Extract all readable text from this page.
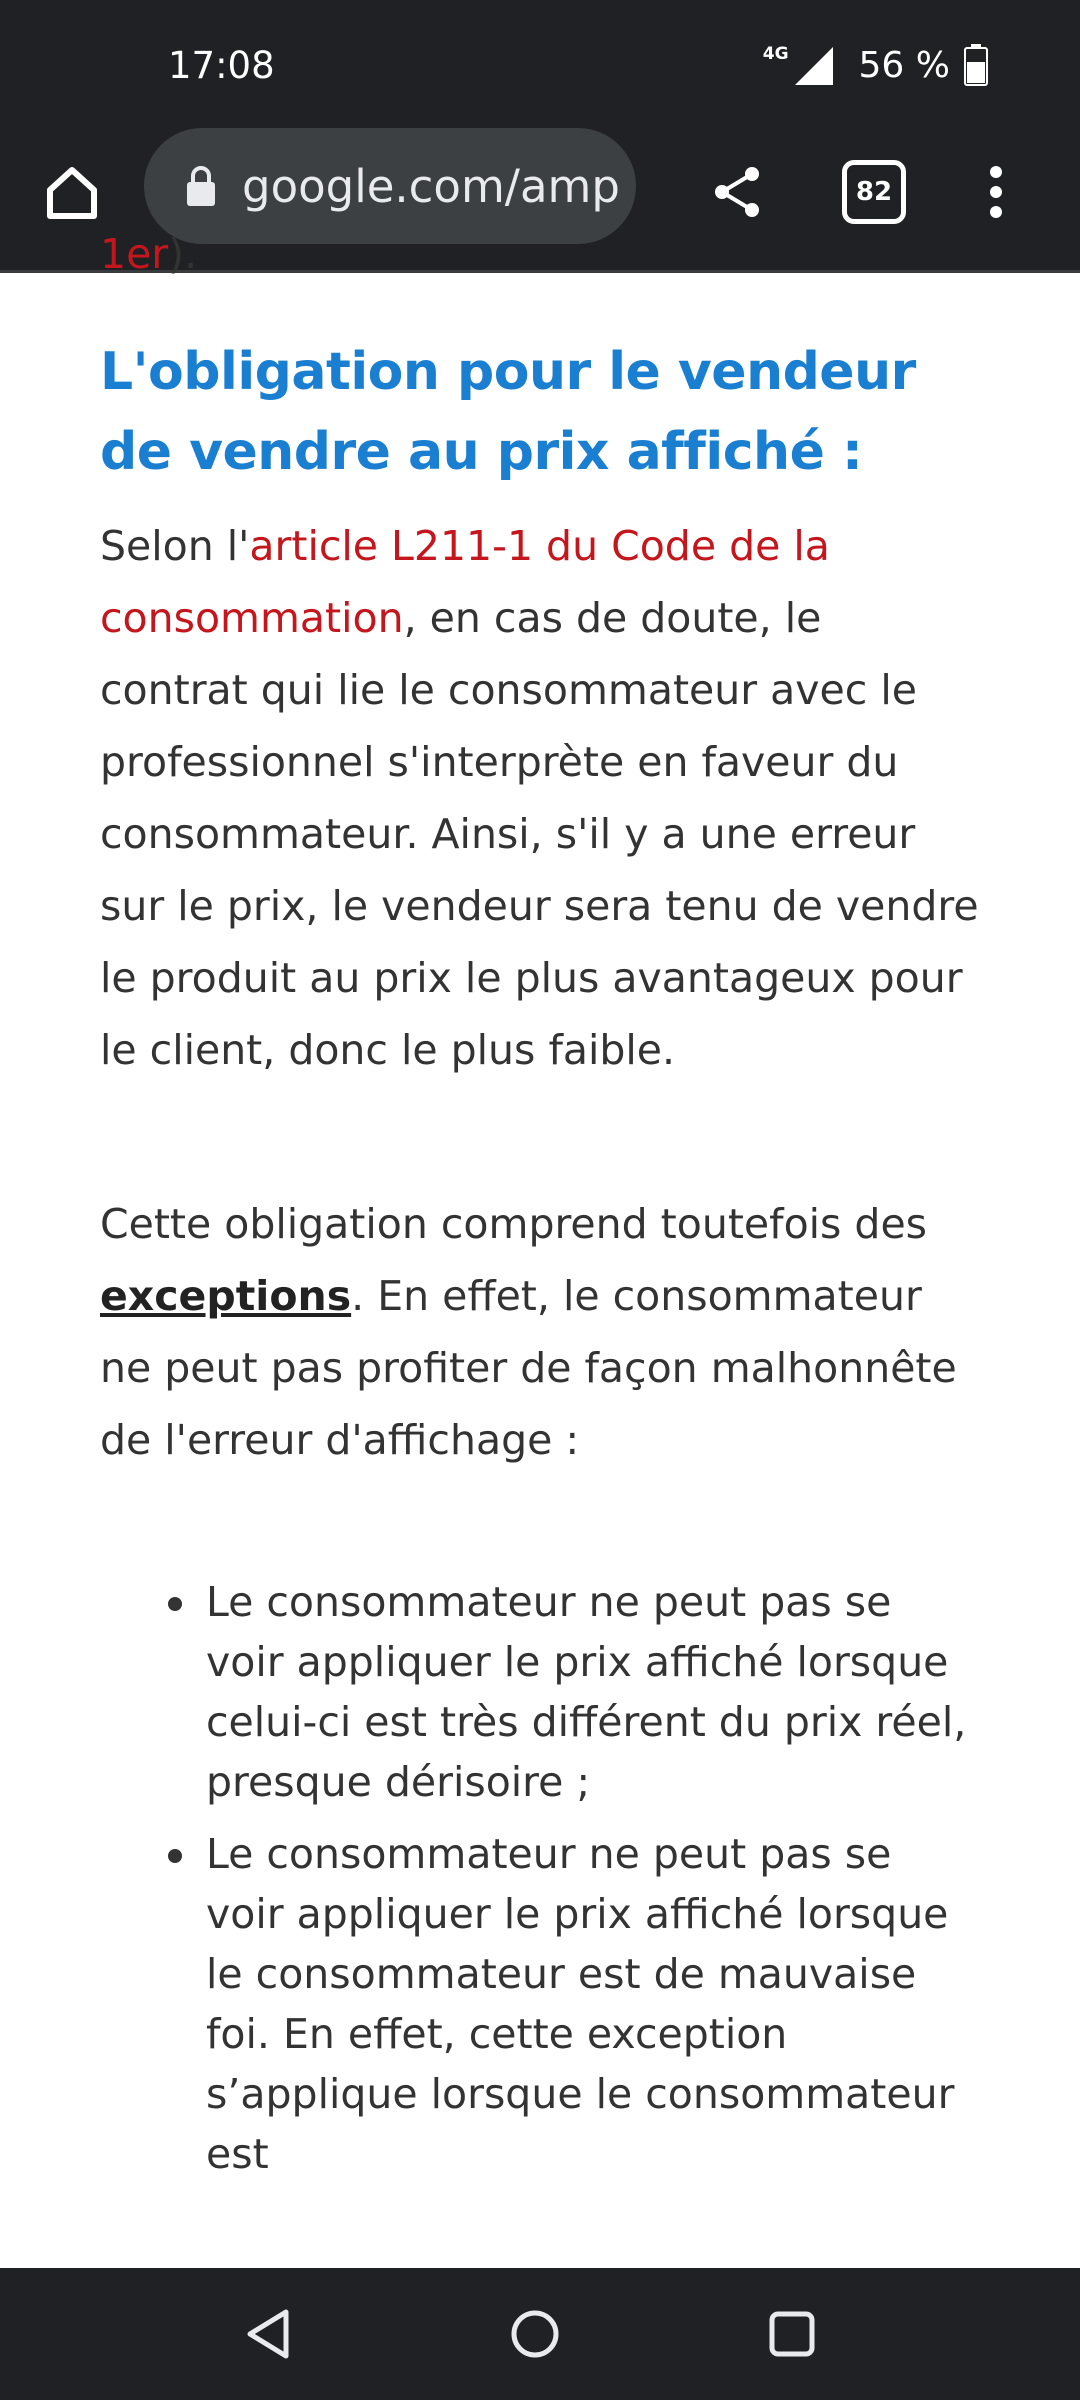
17:08	4G 56 %
82
google.com/amp

1er).

L'obligation pour le vendeur de vendre au prix affiché :

Selon l'article L211-1 du Code de la consommation, en cas de doute, le contrat qui lie le consommateur avec le professionnel s'interprète en faveur du consommateur. Ainsi, s'il y a une erreur sur le prix, le vendeur sera tenu de vendre le produit au prix le plus avantageux pour le client, donc le plus faible.

Cette obligation comprend toutefois des exceptions. En effet, le consommateur ne peut pas profiter de façon malhonnête de l'erreur d'affichage :

Le consommateur ne peut pas se voir appliquer le prix affiché lorsque celui-ci est très différent du prix réel, presque dérisoire ;
Le consommateur ne peut pas se voir appliquer le prix affiché lorsque le consommateur est de mauvaise foi. En effet, cette exception s’applique lorsque le consommateur est
